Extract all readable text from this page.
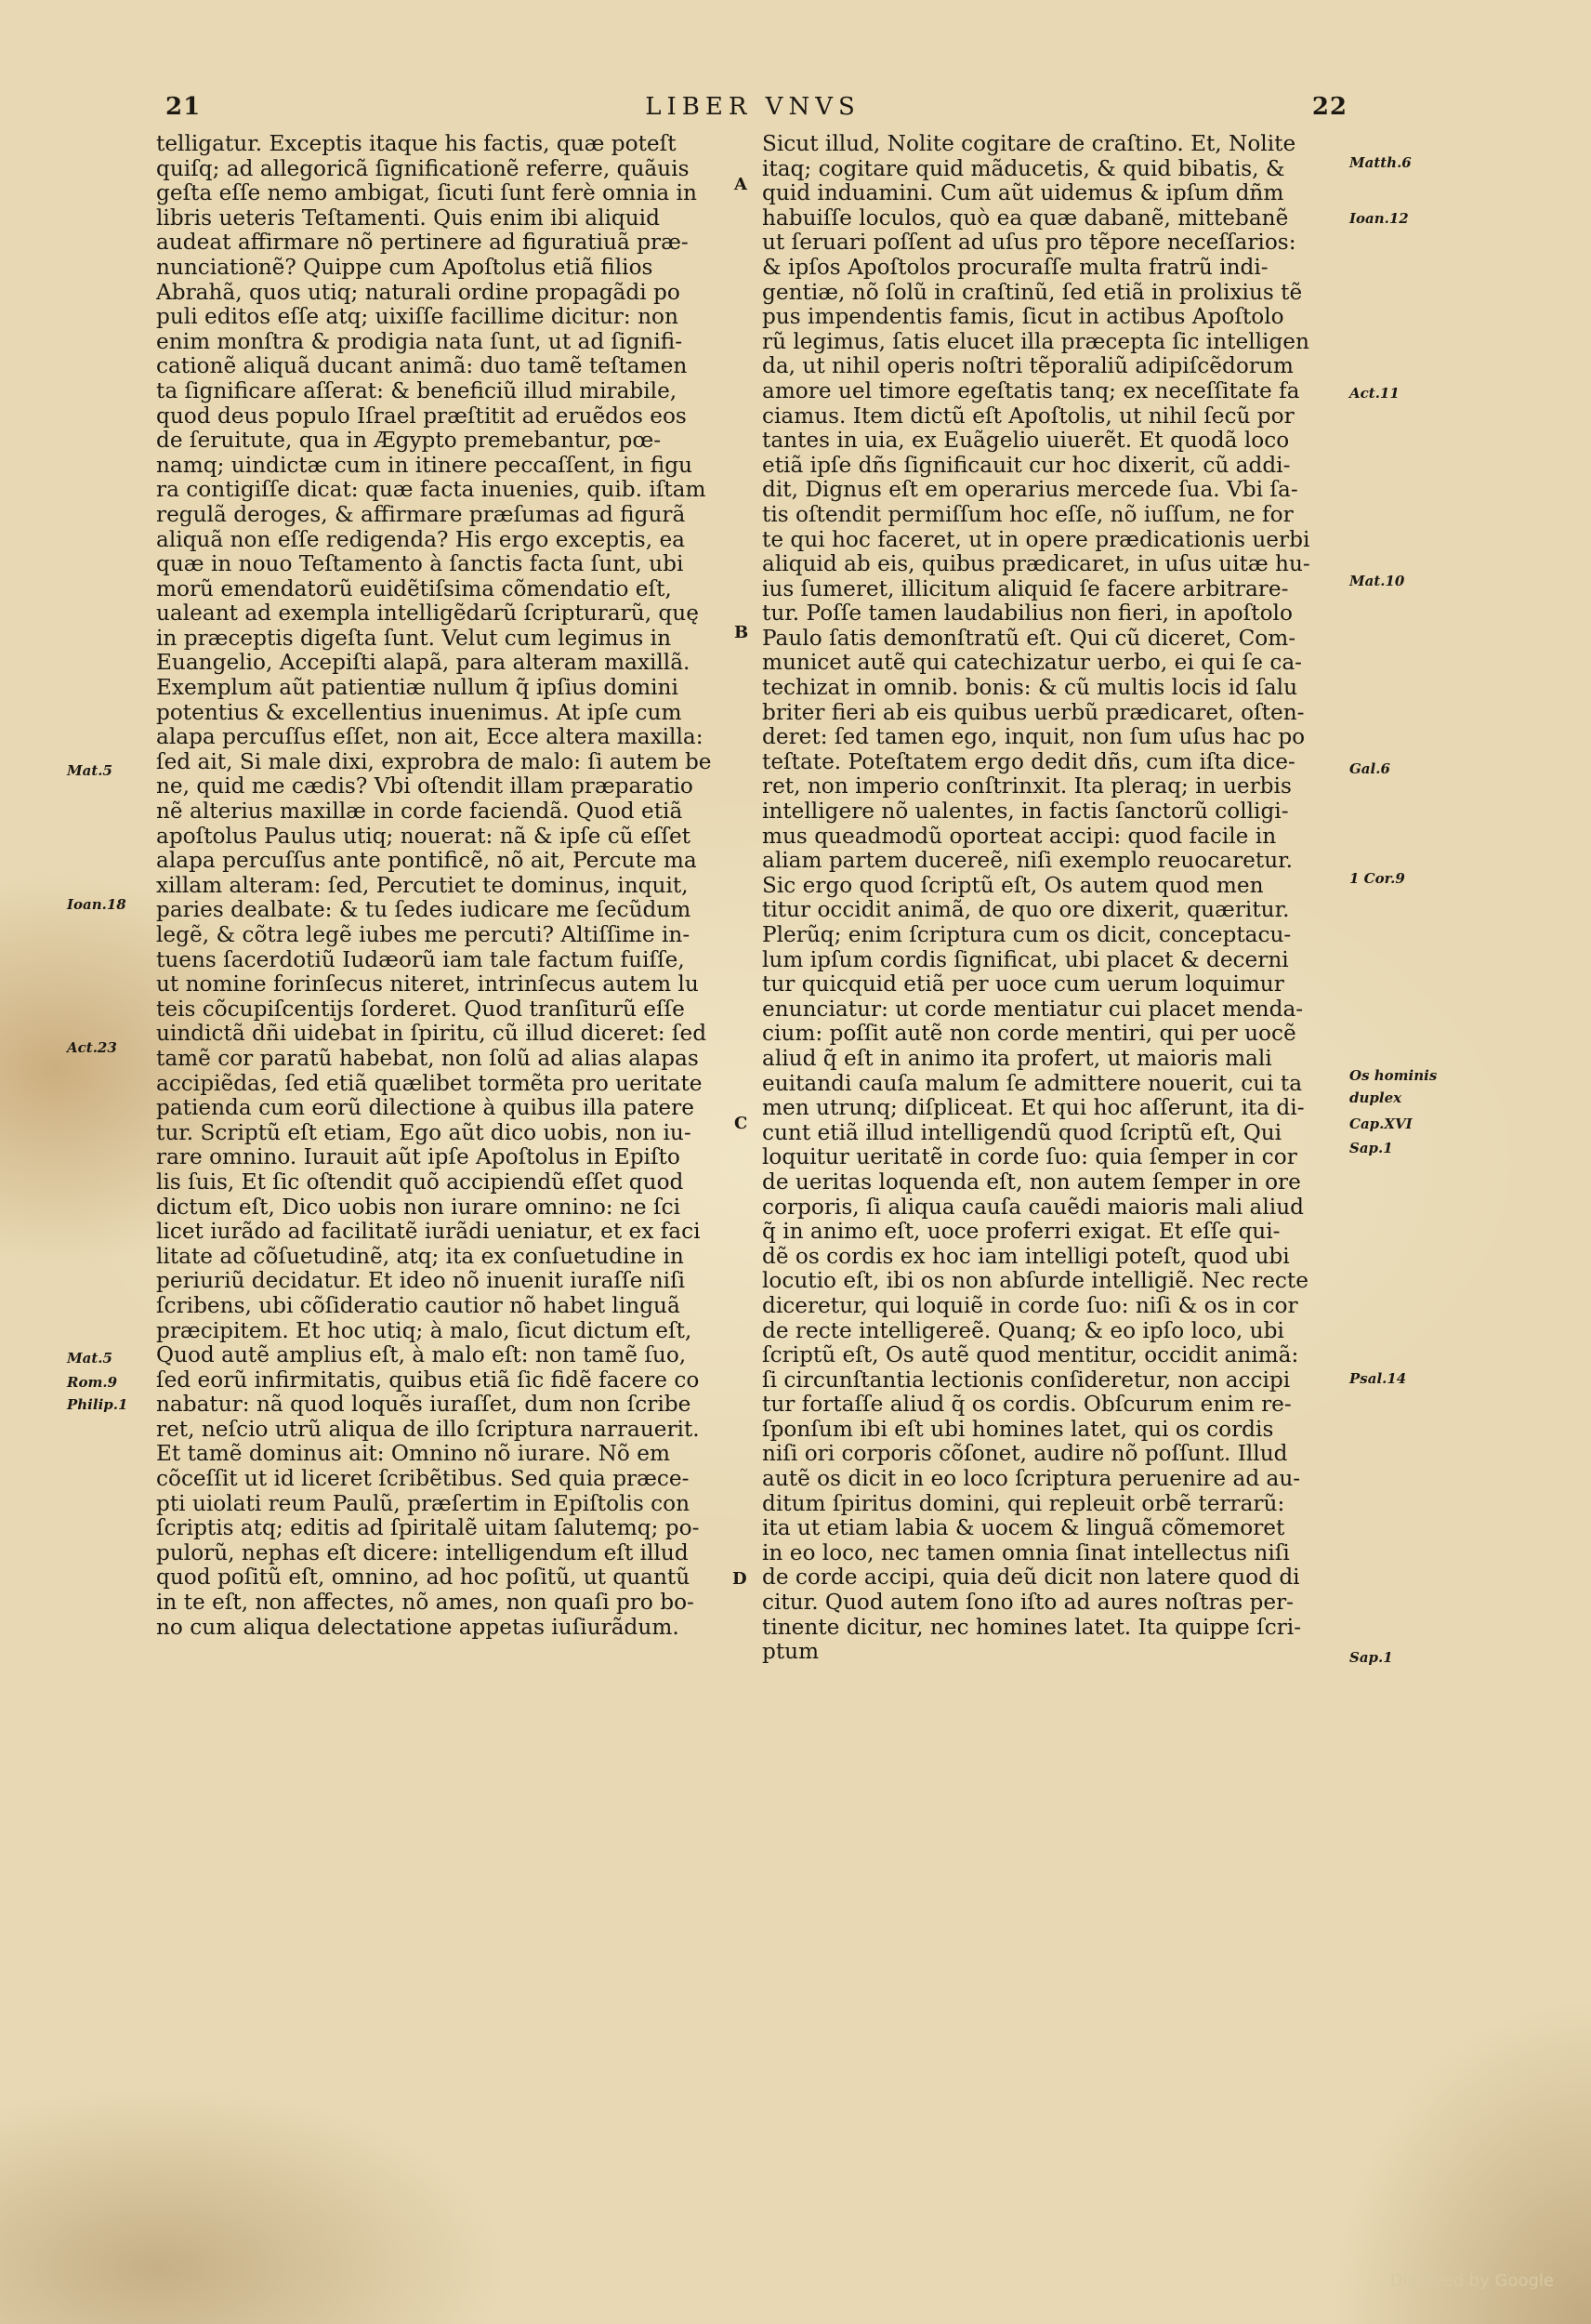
21	LIBER VNVS	22
telligatur. Exceptis itaque his factis, quæ poteſt
quiſq; ad allegoricã ſignificationẽ referre, quãuis
geſta eſſe nemo ambigat, ſicuti ſunt ferè omnia in
libris ueteris Teſtamenti. Quis enim ibi aliquid
audeat affirmare nõ pertinere ad figuratiuã præ-
nunciationẽ? Quippe cum Apoſtolus etiã filios
Abrahã, quos utiq; naturali ordine propagãdi po
puli editos eſſe atq; uixiſſe facillime dicitur: non
enim monſtra & prodigia nata ſunt, ut ad ſignifi-
cationẽ aliquã ducant animã: duo tamẽ teſtamen
ta ſignificare aſſerat: & beneficiũ illud mirabile,
quod deus populo Iſrael præſtitit ad eruẽdos eos
de ſeruitute, qua in Ægypto premebantur, pœ-
namq; uindictæ cum in itinere peccaſſent, in figu
ra contigiſſe dicat: quæ facta inuenies, quib. iſtam
regulã deroges, & affirmare præſumas ad figurã
aliquã non eſſe redigenda? His ergo exceptis, ea
quæ in nouo Teſtamento à ſanctis facta ſunt, ubi
morũ emendatorũ euidẽtiſsima cõmendatio eſt,
ualeant ad exempla intelligẽdarũ ſcripturarũ, quę
in præceptis digeſta ſunt. Velut cum legimus in
Euangelio, Accepiſti alapã, para alteram maxillã.
Exemplum aũt patientiæ nullum q̃ ipſius domini
potentius & excellentius inuenimus. At ipſe cum
alapa percuſſus eſſet, non ait, Ecce altera maxilla:
ſed ait, Si male dixi, exprobra de malo: ſi autem be
ne, quid me cædis? Vbi oſtendit illam præparatio
nẽ alterius maxillæ in corde faciendã. Quod etiã
apoſtolus Paulus utiq; nouerat: nã & ipſe cũ eſſet
alapa percuſſus ante pontificẽ, nõ ait, Percute ma
xillam alteram: ſed, Percutiet te dominus, inquit,
paries dealbate: & tu ſedes iudicare me ſecũdum
legẽ, & cõtra legẽ iubes me percuti? Altiſſime in-
tuens ſacerdotiũ Iudæorũ iam tale factum fuiſſe,
ut nomine forinſecus niteret, intrinſecus autem lu
teis cõcupiſcentijs ſorderet. Quod tranſiturũ eſſe
uindictã dñi uidebat in ſpiritu, cũ illud diceret: ſed
tamẽ cor paratũ habebat, non ſolũ ad alias alapas
accipiẽdas, ſed etiã quælibet tormẽta pro ueritate
patienda cum eorũ dilectione à quibus illa patere
tur. Scriptũ eſt etiam, Ego aũt dico uobis, non iu-
rare omnino. Iurauit aũt ipſe Apoſtolus in Epiſto
lis ſuis, Et ſic oſtendit quõ accipiendũ eſſet quod
dictum eſt, Dico uobis non iurare omnino: ne ſci
licet iurãdo ad facilitatẽ iurãdi ueniatur, et ex faci
litate ad cõſuetudinẽ, atq; ita ex conſuetudine in
periuriũ decidatur. Et ideo nõ inuenit iuraſſe niſi
ſcribens, ubi cõſideratio cautior nõ habet linguã
præcipitem. Et hoc utiq; à malo, ſicut dictum eſt,
Quod autẽ amplius eſt, à malo eſt: non tamẽ ſuo,
ſed eorũ infirmitatis, quibus etiã ſic fidẽ facere co
nabatur: nã quod loquẽs iuraſſet, dum non ſcribe
ret, neſcio utrũ aliqua de illo ſcriptura narrauerit.
Et tamẽ dominus ait: Omnino nõ iurare. Nõ em
cõceſſit ut id liceret ſcribẽtibus. Sed quia præce-
pti uiolati reum Paulũ, præſertim in Epiſtolis con
ſcriptis atq; editis ad ſpiritalẽ uitam ſalutemq; po-
pulorũ, nephas eſt dicere: intelligendum eſt illud
quod poſitũ eſt, omnino, ad hoc poſitũ, ut quantũ
in te eſt, non affectes, nõ ames, non quaſi pro bo-
no cum aliqua delectatione appetas iuſiurãdum.
Sicut illud, Nolite cogitare de craſtino. Et, Nolite
itaq; cogitare quid mãducetis, & quid bibatis, &
quid induamini. Cum aũt uidemus & ipſum dñm
habuiſſe loculos, quò ea quæ dabanẽ, mittebanẽ
ut ſeruari poſſent ad uſus pro tẽpore neceſſarios:
& ipſos Apoſtolos procuraſſe multa fratrũ indi-
gentiæ, nõ ſolũ in craſtinũ, ſed etiã in prolixius tẽ
pus impendentis famis, ſicut in actibus Apoſtolo
rũ legimus, ſatis elucet illa præcepta ſic intelligen
da, ut nihil operis noſtri tẽporaliũ adipiſcẽdorum
amore uel timore egeſtatis tanq; ex neceſſitate fa
ciamus. Item dictũ eſt Apoſtolis, ut nihil ſecũ por
tantes in uia, ex Euãgelio uiuerẽt. Et quodã loco
etiã ipſe dñs ſignificauit cur hoc dixerit, cũ addi-
dit, Dignus eſt em operarius mercede ſua. Vbi ſa-
tis oſtendit permiſſum hoc eſſe, nõ iuſſum, ne for
te qui hoc faceret, ut in opere prædicationis uerbi
aliquid ab eis, quibus prædicaret, in uſus uitæ hu-
ius ſumeret, illicitum aliquid ſe facere arbitrare-
tur. Poſſe tamen laudabilius non fieri, in apoſtolo
Paulo ſatis demonſtratũ eſt. Qui cũ diceret, Com-
municet autẽ qui catechizatur uerbo, ei qui ſe ca-
techizat in omnib. bonis: & cũ multis locis id ſalu
briter fieri ab eis quibus uerbũ prædicaret, oſten-
deret: ſed tamen ego, inquit, non ſum uſus hac po
teſtate. Poteſtatem ergo dedit dñs, cum iſta dice-
ret, non imperio conſtrinxit. Ita pleraq; in uerbis
intelligere nõ ualentes, in factis ſanctorũ colligi-
mus queadmodũ oporteat accipi: quod facile in
aliam partem ducereẽ, niſi exemplo reuocaretur.
Sic ergo quod ſcriptũ eſt, Os autem quod men
titur occidit animã, de quo ore dixerit, quæritur.
Plerũq; enim ſcriptura cum os dicit, conceptacu-
lum ipſum cordis ſignificat, ubi placet & decerni
tur quicquid etiã per uoce cum uerum loquimur
enunciatur: ut corde mentiatur cui placet menda-
cium: poſſit autẽ non corde mentiri, qui per uocẽ
aliud q̃ eſt in animo ita profert, ut maioris mali
euitandi cauſa malum ſe admittere nouerit, cui ta
men utrunq; diſpliceat. Et qui hoc aſſerunt, ita di-
cunt etiã illud intelligendũ quod ſcriptũ eſt, Qui
loquitur ueritatẽ in corde ſuo: quia ſemper in cor
de ueritas loquenda eſt, non autem ſemper in ore
corporis, ſi aliqua cauſa cauẽdi maioris mali aliud
q̃ in animo eſt, uoce proferri exigat. Et eſſe qui-
dẽ os cordis ex hoc iam intelligi poteſt, quod ubi
locutio eſt, ibi os non abſurde intelligiẽ. Nec recte
diceretur, qui loquiẽ in corde ſuo: niſi & os in cor
de recte intelligereẽ. Quanq; & eo ipſo loco, ubi
ſcriptũ eſt, Os autẽ quod mentitur, occidit animã:
ſi circunſtantia lectionis conſideretur, non accipi
tur fortaſſe aliud q̃ os cordis. Obſcurum enim re-
ſponſum ibi eſt ubi homines latet, qui os cordis
niſi ori corporis cõſonet, audire nõ poſſunt. Illud
autẽ os dicit in eo loco ſcriptura peruenire ad au-
ditum ſpiritus domini, qui repleuit orbẽ terrarũ:
ita ut etiam labia & uocem & linguã cõmemoret
in eo loco, nec tamen omnia ſinat intellectus niſi
de corde accipi, quia deũ dicit non latere quod di
citur. Quod autem ſono iſto ad aures noſtras per-
tinente dicitur, nec homines latet. Ita quippe ſcri-
ptum
Mat.5
Ioan.18
Act.23
Mat.5
Rom.9
Philip.1
Matth.6
Ioan.12
Act.11
Mat.10
Gal.6
1 Cor.9
Os hominis
duplex
Cap.XVI
Sap.1
Psal.14
Sap.1
A
B
C
D
Digitized by Google
